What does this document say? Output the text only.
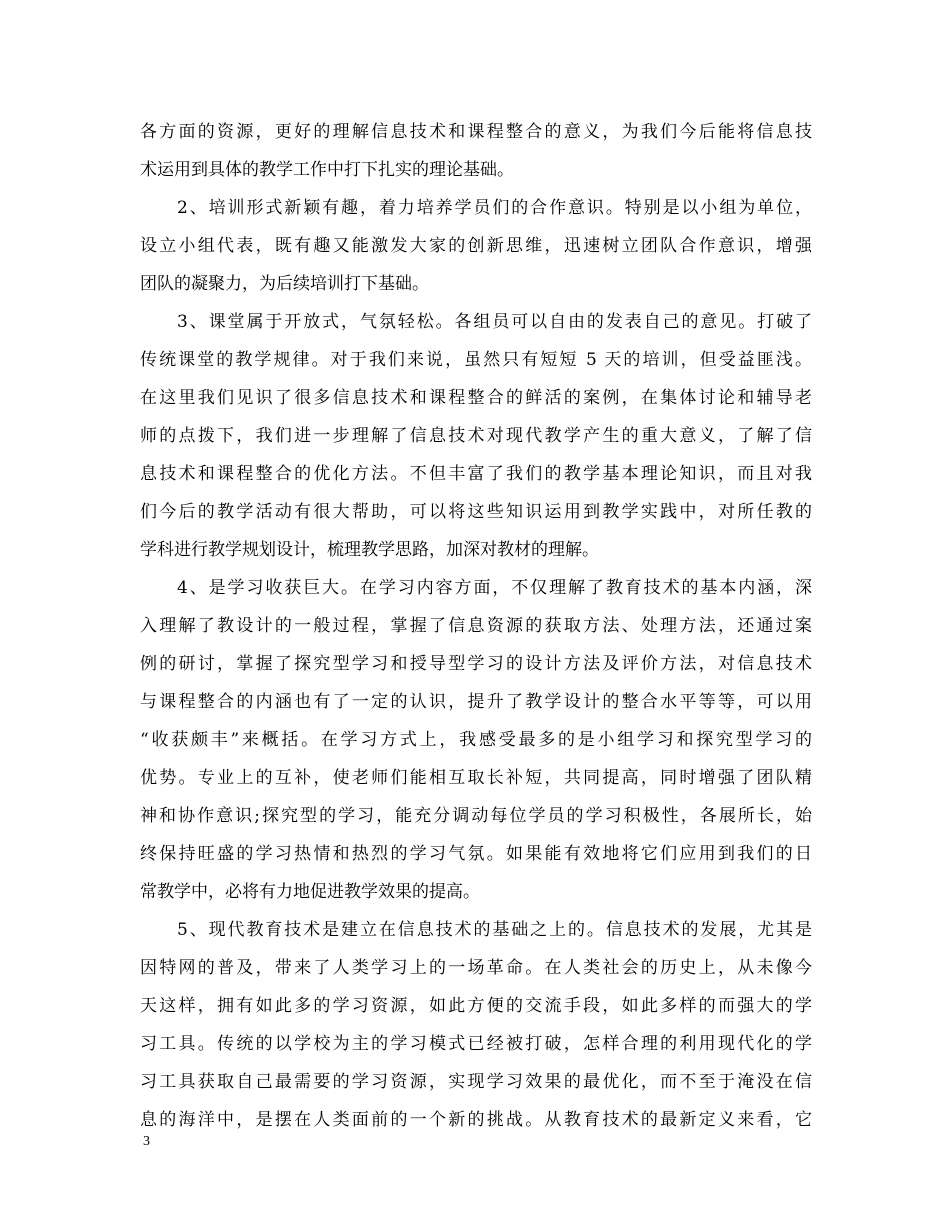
各方面的资源，更好的理解信息技术和课程整合的意义，为我们今后能将信息技
术运用到具体的教学工作中打下扎实的理论基础。
2、培训形式新颖有趣，着力培养学员们的合作意识。特别是以小组为单位，
设立小组代表，既有趣又能激发大家的创新思维，迅速树立团队合作意识，增强
团队的凝聚力，为后续培训打下基础。
3、课堂属于开放式，气氛轻松。各组员可以自由的发表自己的意见。打破了
传统课堂的教学规律。对于我们来说，虽然只有短短 5 天的培训，但受益匪浅。
在这里我们见识了很多信息技术和课程整合的鲜活的案例，在集体讨论和辅导老
师的点拨下，我们进一步理解了信息技术对现代教学产生的重大意义，了解了信
息技术和课程整合的优化方法。不但丰富了我们的教学基本理论知识，而且对我
们今后的教学活动有很大帮助，可以将这些知识运用到教学实践中，对所任教的
学科进行教学规划设计，梳理教学思路，加深对教材的理解。
4、是学习收获巨大。在学习内容方面，不仅理解了教育技术的基本内涵，深
入理解了教设计的一般过程，掌握了信息资源的获取方法、处理方法，还通过案
例的研讨，掌握了探究型学习和授导型学习的设计方法及评价方法，对信息技术
与课程整合的内涵也有了一定的认识，提升了教学设计的整合水平等等，可以用
“收获颇丰”来概括。在学习方式上，我感受最多的是小组学习和探究型学习的
优势。专业上的互补，使老师们能相互取长补短，共同提高，同时增强了团队精
神和协作意识;探究型的学习，能充分调动每位学员的学习积极性，各展所长，始
终保持旺盛的学习热情和热烈的学习气氛。如果能有效地将它们应用到我们的日
常教学中，必将有力地促进教学效果的提高。
5、现代教育技术是建立在信息技术的基础之上的。信息技术的发展，尤其是
因特网的普及，带来了人类学习上的一场革命。在人类社会的历史上，从未像今
天这样，拥有如此多的学习资源，如此方便的交流手段，如此多样的而强大的学
习工具。传统的以学校为主的学习模式已经被打破，怎样合理的利用现代化的学
习工具获取自己最需要的学习资源，实现学习效果的最优化，而不至于淹没在信
息的海洋中，是摆在人类面前的一个新的挑战。从教育技术的最新定义来看，它
3
